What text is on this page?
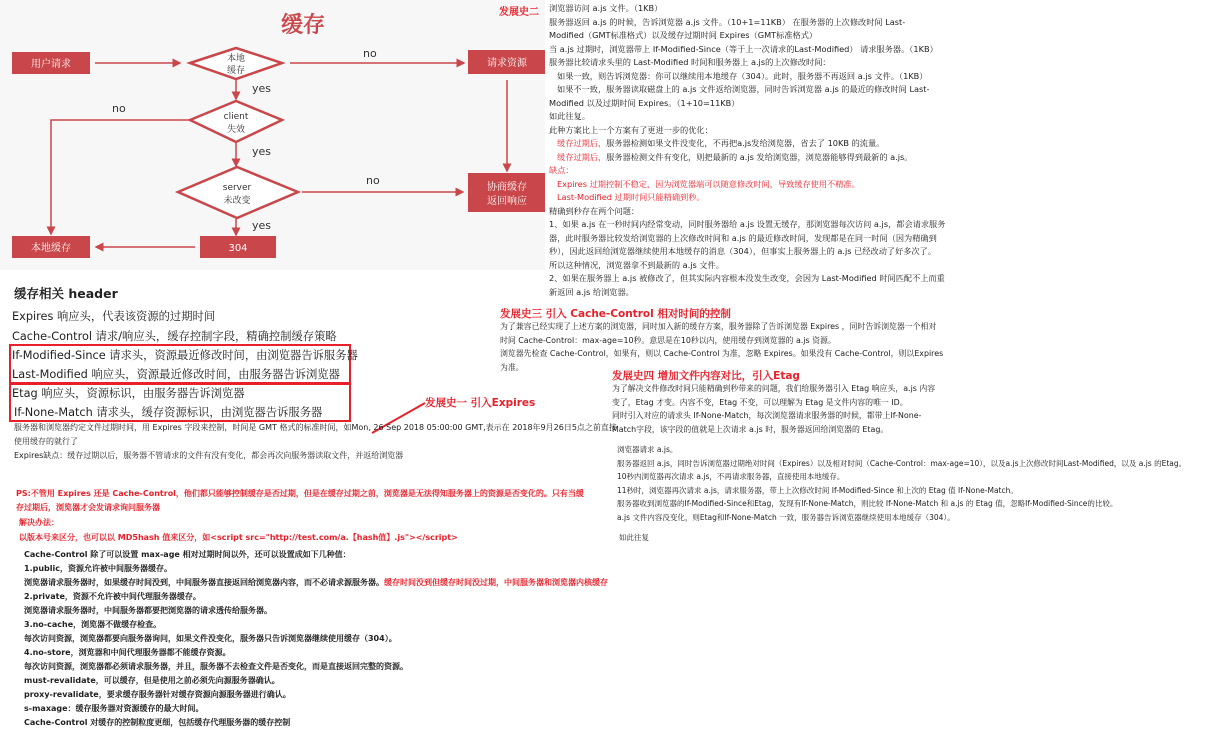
缓存
用户请求	请求资源
协商缓存
返回响应
本地缓存	304
本地
缓存
client
失效
server
未改变
no
no
no
yes
yes
yes
发展史二 浏览器访问 a.js 文件。（1KB）
服务器返回 a.js 的时候，告诉浏览器 a.js 文件。（10+1=11KB） 在服务器的上次修改时间 Last-
Modified（GMT标准格式）以及缓存过期时间 Expires（GMT标准格式）
当 a.js 过期时，浏览器带上 If-Modified-Since（等于上一次请求的Last-Modified） 请求服务器。（1KB）
服务器比较请求头里的 Last-Modified 时间和服务器上 a.js的上次修改时间：
如果一致，则告诉浏览器：你可以继续用本地缓存（304）。此时，服务器不再返回 a.js 文件。（1KB）
如果不一致，服务器读取磁盘上的 a.js 文件返给浏览器，同时告诉浏览器 a.js 的最近的修改时间 Last-
Modified 以及过期时间 Expires。（1+10=11KB）
如此往复。
此种方案比上一个方案有了更进一步的优化：
缓存过期后，服务器检测如果文件没变化，不再把a.js发给浏览器，省去了 10KB 的流量。
缓存过期后，服务器检测文件有变化，则把最新的 a.js 发给浏览器，浏览器能够得到最新的 a.js。
缺点：
Expires 过期控制不稳定，因为浏览器端可以随意修改时间，导致缓存使用不精准。
Last-Modified 过期时间只能精确到秒。
精确到秒存在两个问题：
1、如果 a.js 在一秒时间内经常变动，同时服务器给 a.js 设置无缓存，那浏览器每次访问 a.js，都会请求服务
器，此时服务器比较发给浏览器的上次修改时间和 a.js 的最近修改时间，发现都是在同一时间（因为精确到
秒），因此返回给浏览器继续使用本地缓存的消息（304），但事实上服务器上的 a.js 已经改动了好多次了。
所以这种情况，浏览器拿不到最新的 a.js 文件。
2、如果在服务器上 a.js 被修改了，但其实际内容根本没发生改变，会因为 Last-Modified 时间匹配不上而重
新返回 a.js 给浏览器。
缓存相关 header
Expires 响应头，代表该资源的过期时间
Cache-Control 请求/响应头，缓存控制字段，精确控制缓存策略
If-Modified-Since 请求头，资源最近修改时间，由浏览器告诉服务器
Last-Modified 响应头，资源最近修改时间，由服务器告诉浏览器
Etag 响应头，资源标识，由服务器告诉浏览器
If-None-Match 请求头，缓存资源标识，由浏览器告诉服务器
发展史一 引入Expires
服务器和浏览器约定文件过期时间，用 Expires 字段来控制，时间是 GMT 格式的标准时间，如Mon, 26 Sep 2018 05:00:00 GMT,表示在 2018年9月26日5点之前直接
使用缓存的就行了
Expires缺点：缓存过期以后，服务器不管请求的文件有没有变化，都会再次向服务器读取文件，并返给浏览器
PS:不管用 Expires 还是 Cache-Control，他们都只能够控制缓存是否过期，但是在缓存过期之前，浏览器是无法得知服务器上的资源是否变化的。只有当缓
存过期后，浏览器才会发请求询问服务器
解决办法：
以版本号来区分，也可以以 MD5hash 值来区分，如<script src="http://test.com/a.【hash值】.js"></script>
Cache-Control 除了可以设置 max-age 相对过期时间以外，还可以设置成如下几种值：
1.public，资源允许被中间服务器缓存。
浏览器请求服务器时，如果缓存时间没到，中间服务器直接返回给浏览器内容，而不必请求源服务器。缓存时间没到但缓存时间没过期，中间服务器和浏览器内核缓存
2.private，资源不允许被中间代理服务器缓存。
浏览器请求服务器时，中间服务器都要把浏览器的请求透传给服务器。
3.no-cache，浏览器不做缓存检查。
每次访问资源，浏览器都要向服务器询问，如果文件没变化，服务器只告诉浏览器继续使用缓存（304）。
4.no-store，浏览器和中间代理服务器都不能缓存资源。
每次访问资源，浏览器都必须请求服务器，并且，服务器不去检查文件是否变化，而是直接返回完整的资源。
must-revalidate，可以缓存，但是使用之前必须先向源服务器确认。
proxy-revalidate，要求缓存服务器针对缓存资源向源服务器进行确认。
s-maxage：缓存服务器对资源缓存的最大时间。
Cache-Control 对缓存的控制粒度更细，包括缓存代理服务器的缓存控制
发展史三 引入 Cache-Control 相对时间的控制
为了兼容已经实现了上述方案的浏览器，同时加入新的缓存方案，服务器除了告诉浏览器 Expires ，同时告诉浏览器一个相对
时间 Cache-Control：max-age=10秒。意思是在10秒以内，使用缓存到浏览器的 a.js 资源。
浏览器先检查 Cache-Control，如果有，则以 Cache-Control 为准，忽略 Expires。如果没有 Cache-Control，则以Expires
为准。
发展史四 增加文件内容对比，引入Etag
为了解决文件修改时间只能精确到秒带来的问题，我们给服务器引入 Etag 响应头，a.js 内容
变了，Etag 才变。内容不变，Etag 不变，可以理解为 Etag 是文件内容的唯一 ID。
同时引入对应的请求头 If-None-Match，每次浏览器请求服务器的时候，都带上If-None-
Match字段，该字段的值就是上次请求 a.js 时，服务器返回给浏览器的 Etag。
浏览器请求 a.js。
服务器返回 a.js，同时告诉浏览器过期绝对时间（Expires）以及相对时间（Cache-Control：max-age=10），以及a.js上次修改时间Last-Modified，以及 a.js 的Etag。
10秒内浏览器再次请求 a.js，不再请求服务器，直接使用本地缓存。
11秒时，浏览器再次请求 a.js，请求服务器，带上上次修改时间 If-Modified-Since 和上次的 Etag 值 If-None-Match。
服务器收到浏览器的If-Modified-Since和Etag，发现有If-None-Match，则比较 If-None-Match 和 a.js 的 Etag 值，忽略If-Modified-Since的比较。
a.js 文件内容没变化，则Etag和If-None-Match 一致，服务器告诉浏览器继续使用本地缓存（304）。
如此往复
